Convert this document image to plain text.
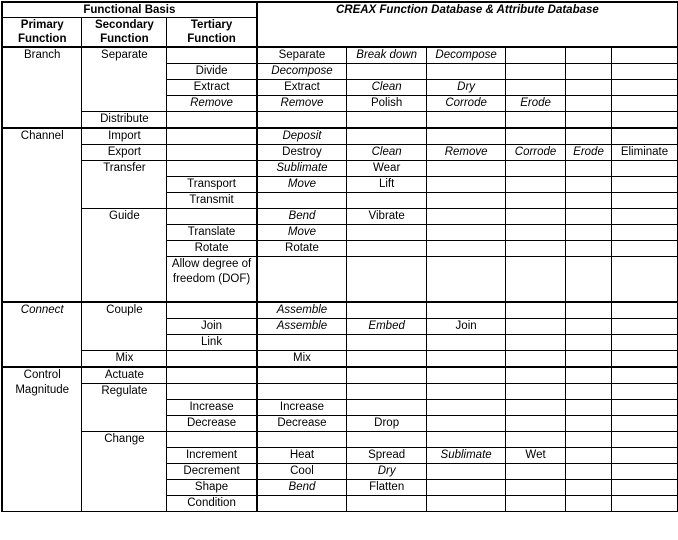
Functional Basis			CREAX Function Database & Attribute Database					
Primary Function	Secondary Function	Tertiary Function						
Branch	Separate		Separate	Break down	Decompose			
		Divide	Decompose					
		Extract	Extract	Clean	Dry			
		Remove	Remove	Polish	Corrode	Erode		
	Distribute							
Channel	Import		Deposit					
	Export		Destroy	Clean	Remove	Corrode	Erode	Eliminate
	Transfer		Sublimate	Wear				
		Transport	Move	Lift				
		Transmit						
	Guide		Bend	Vibrate				
		Translate	Move					
		Rotate	Rotate					
		Allow degree of freedom (DOF)						
Connect	Couple		Assemble					
		Join	Assemble	Embed	Join			
		Link						
	Mix		Mix					
Control Magnitude	Actuate							
	Regulate							
		Increase	Increase					
		Decrease	Decrease	Drop				
	Change							
		Increment	Heat	Spread	Sublimate	Wet		
		Decrement	Cool	Dry				
		Shape	Bend	Flatten				
		Condition						
